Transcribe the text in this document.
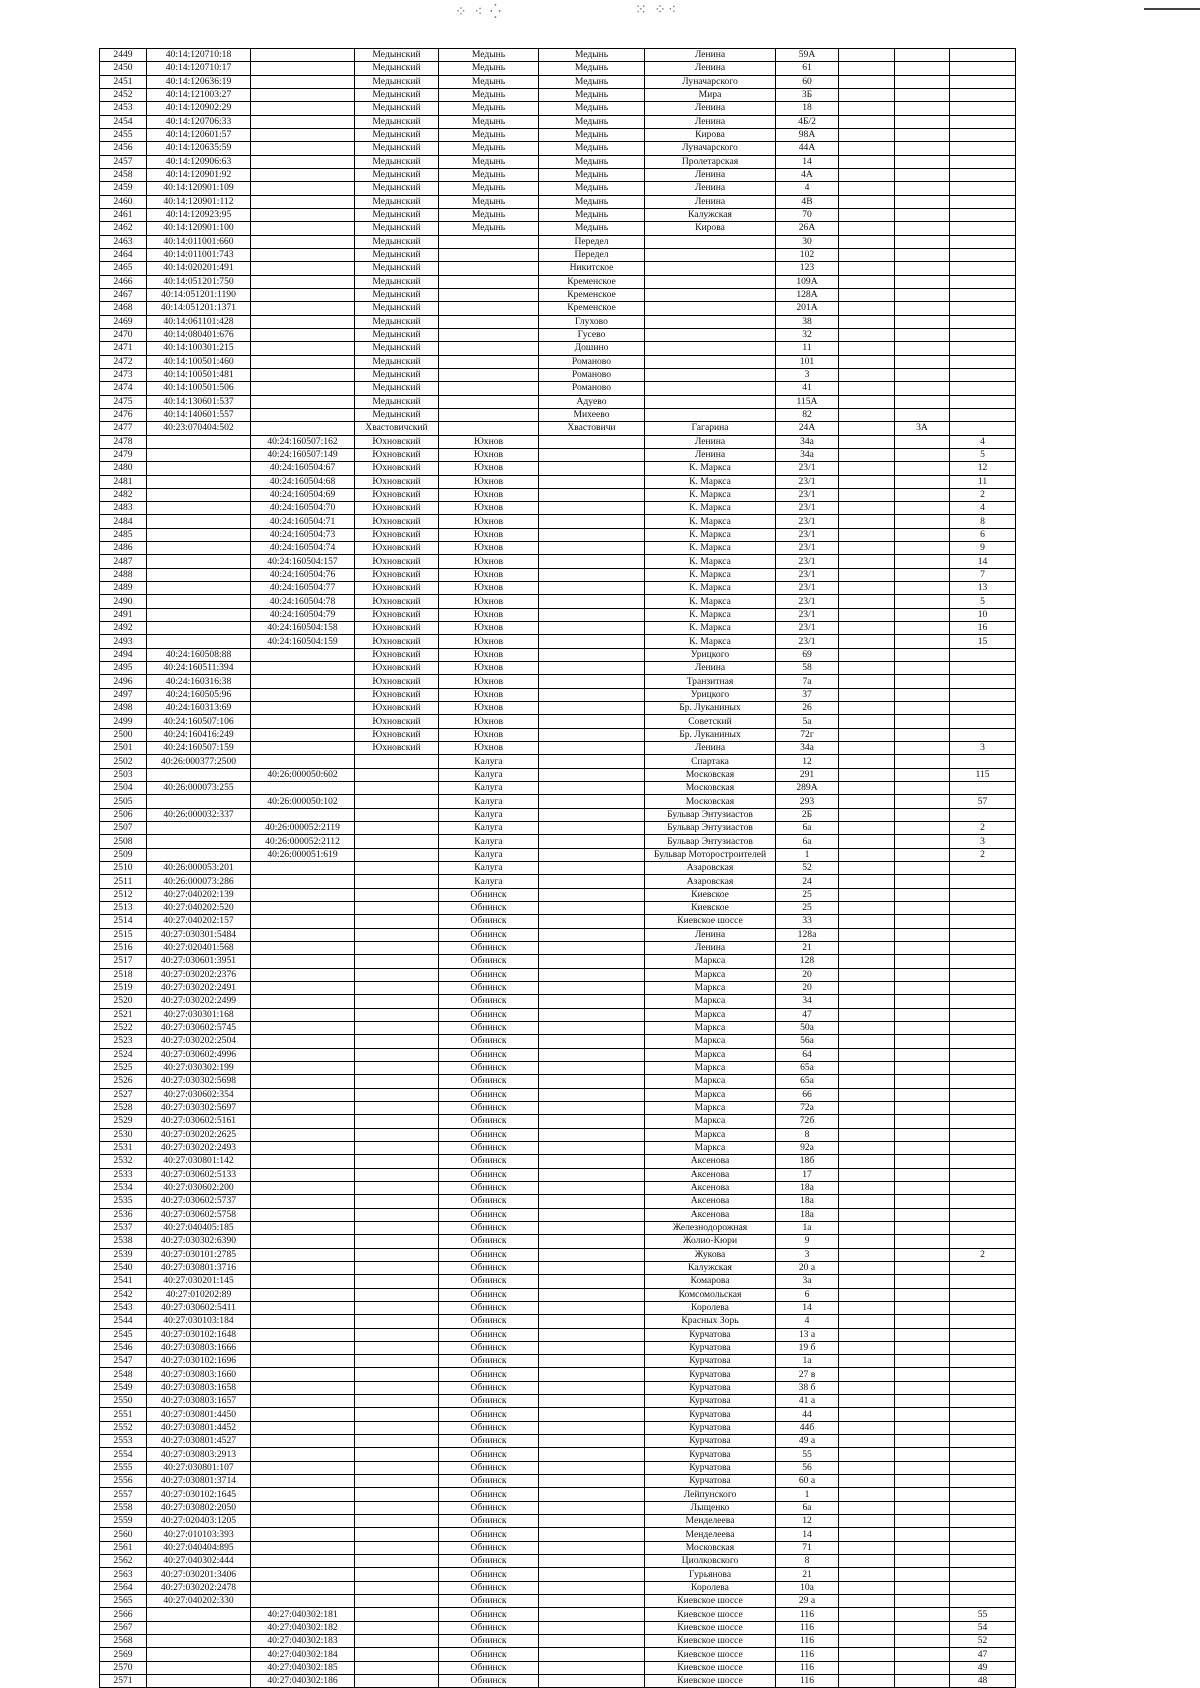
⁘ ⁖ ⁛	⁙ ⁘⁖
2449	40:14:120710:18		Медынский	Медынь	Медынь	Ленина	59А			
2450	40:14:120710:17		Медынский	Медынь	Медынь	Ленина	61			
2451	40:14:120636:19		Медынский	Медынь	Медынь	Луначарского	60			
2452	40:14:121003:27		Медынский	Медынь	Медынь	Мира	3Б			
2453	40:14:120902:29		Медынский	Медынь	Медынь	Ленина	18			
2454	40:14:120706:33		Медынский	Медынь	Медынь	Ленина	4Б/2			
2455	40:14:120601:57		Медынский	Медынь	Медынь	Кирова	98А			
2456	40:14:120635:59		Медынский	Медынь	Медынь	Луначарского	44А			
2457	40:14:120906:63		Медынский	Медынь	Медынь	Пролетарская	14			
2458	40:14:120901:92		Медынский	Медынь	Медынь	Ленина	4А			
2459	40:14:120901:109		Медынский	Медынь	Медынь	Ленина	4			
2460	40:14:120901:112		Медынский	Медынь	Медынь	Ленина	4В			
2461	40:14:120923:95		Медынский	Медынь	Медынь	Калужская	70			
2462	40:14:120901:100		Медынский	Медынь	Медынь	Кирова	26А			
2463	40:14:011001:660		Медынский		Передел		30			
2464	40:14:011001:743		Медынский		Передел		102			
2465	40:14:020201:491		Медынский		Никитское		123			
2466	40:14:051201:750		Медынский		Кременское		109А			
2467	40:14:051201:1190		Медынский		Кременское		128А			
2468	40:14:051201:1371		Медынский		Кременское		201А			
2469	40:14:061101:428		Медынский		Глухово		38			
2470	40:14:080401:676		Медынский		Гусево		32			
2471	40:14:100301:215		Медынский		Дошино		11			
2472	40:14:100501:460		Медынский		Романово		101			
2473	40:14:100501:481		Медынский		Романово		3			
2474	40:14:100501:506		Медынский		Романово		41			
2475	40:14:130601:537		Медынский		Адуево		115А			
2476	40:14:140601:557		Медынский		Михеево		82			
2477	40:23:070404:502		Хвастовичский		Хвастовичи	Гагарина	24А		3А	
2478		40:24:160507:162	Юхновский	Юхнов		Ленина	34а			4
2479		40:24:160507:149	Юхновский	Юхнов		Ленина	34а			5
2480		40:24:160504:67	Юхновский	Юхнов		К. Маркса	23/1			12
2481		40:24:160504:68	Юхновский	Юхнов		К. Маркса	23/1			11
2482		40:24:160504:69	Юхновский	Юхнов		К. Маркса	23/1			2
2483		40:24:160504:70	Юхновский	Юхнов		К. Маркса	23/1			4
2484		40:24:160504:71	Юхновский	Юхнов		К. Маркса	23/1			8
2485		40:24:160504:73	Юхновский	Юхнов		К. Маркса	23/1			6
2486		40:24:160504:74	Юхновский	Юхнов		К. Маркса	23/1			9
2487		40:24:160504:157	Юхновский	Юхнов		К. Маркса	23/1			14
2488		40:24:160504:76	Юхновский	Юхнов		К. Маркса	23/1			7
2489		40:24:160504:77	Юхновский	Юхнов		К. Маркса	23/1			13
2490		40:24:160504:78	Юхновский	Юхнов		К. Маркса	23/1			5
2491		40:24:160504:79	Юхновский	Юхнов		К. Маркса	23/1			10
2492		40:24:160504:158	Юхновский	Юхнов		К. Маркса	23/1			16
2493		40:24:160504:159	Юхновский	Юхнов		К. Маркса	23/1			15
2494	40:24:160508:88		Юхновский	Юхнов		Урицкого	69			
2495	40:24:160511:394		Юхновский	Юхнов		Ленина	58			
2496	40:24:160316:38		Юхновский	Юхнов		Транзитная	7а			
2497	40:24:160505:96		Юхновский	Юхнов		Урицкого	37			
2498	40:24:160313:69		Юхновский	Юхнов		Бр. Луканиных	26			
2499	40:24:160507:106		Юхновский	Юхнов		Советский	5а			
2500	40:24:160416:249		Юхновский	Юхнов		Бр. Луканиных	72г			
2501	40:24:160507:159		Юхновский	Юхнов		Ленина	34а			3
2502	40:26:000377:2500			Калуга		Спартака	12			
2503		40:26:000050:602		Калуга		Московская	291			115
2504	40:26:000073:255			Калуга		Московская	289А			
2505		40:26:000050:102		Калуга		Московская	293			57
2506	40:26:000032:337			Калуга		Бульвар Энтузиастов	2Б			
2507		40:26:000052:2119		Калуга		Бульвар Энтузиастов	6а			2
2508		40:26:000052:2112		Калуга		Бульвар Энтузиастов	6а			3
2509		40:26:000051:619		Калуга		Бульвар Моторостроителей	1			2
2510	40:26:000053:201			Калуга		Азаровская	52			
2511	40:26:000073:286			Калуга		Азаровская	24			
2512	40:27:040202:139			Обнинск		Киевское	25			
2513	40:27:040202:520			Обнинск		Киевское	25			
2514	40:27:040202:157			Обнинск		Киевское шоссе	33			
2515	40:27:030301:5484			Обнинск		Ленина	128а			
2516	40:27:020401:568			Обнинск		Ленина	21			
2517	40:27:030601:3951			Обнинск		Маркса	128			
2518	40:27:030202:2376			Обнинск		Маркса	20			
2519	40:27:030202:2491			Обнинск		Маркса	20			
2520	40:27:030202:2499			Обнинск		Маркса	34			
2521	40:27:030301:168			Обнинск		Маркса	47			
2522	40:27:030602:5745			Обнинск		Маркса	50а			
2523	40:27:030202:2504			Обнинск		Маркса	56а			
2524	40:27:030602:4996			Обнинск		Маркса	64			
2525	40:27:030302:199			Обнинск		Маркса	65а			
2526	40:27:030302:5698			Обнинск		Маркса	65а			
2527	40:27:030602:354			Обнинск		Маркса	66			
2528	40:27:030302:5697			Обнинск		Маркса	72а			
2529	40:27:030602:5161			Обнинск		Маркса	72б			
2530	40:27:030202:2625			Обнинск		Маркса	8			
2531	40:27:030202:2493			Обнинск		Маркса	92а			
2532	40:27:030801:142			Обнинск		Аксенова	18б			
2533	40:27:030602:5133			Обнинск		Аксенова	17			
2534	40:27:030602:200			Обнинск		Аксенова	18а			
2535	40:27:030602:5737			Обнинск		Аксенова	18а			
2536	40:27:030602:5758			Обнинск		Аксенова	18а			
2537	40:27:040405:185			Обнинск		Железнодорожная	1а			
2538	40:27:030302:6390			Обнинск		Жолио-Кюри	9			
2539	40:27:030101:2785			Обнинск		Жукова	3			2
2540	40:27:030801:3716			Обнинск		Калужская	20 а			
2541	40:27:030201:145			Обнинск		Комарова	3а			
2542	40:27:010202:89			Обнинск		Комсомольская	6			
2543	40:27:030602:5411			Обнинск		Королева	14			
2544	40:27:030103:184			Обнинск		Красных Зорь	4			
2545	40:27:030102:1648			Обнинск		Курчатова	13 а			
2546	40:27:030803:1666			Обнинск		Курчатова	19 б			
2547	40:27:030102:1696			Обнинск		Курчатова	1а			
2548	40:27:030803:1660			Обнинск		Курчатова	27 в			
2549	40:27:030803:1658			Обнинск		Курчатова	38 б			
2550	40:27:030803:1657			Обнинск		Курчатова	41 а			
2551	40:27:030801:4450			Обнинск		Курчатова	44			
2552	40:27:030801:4452			Обнинск		Курчатова	44б			
2553	40:27:030801:4527			Обнинск		Курчатова	49 а			
2554	40:27:030803:2913			Обнинск		Курчатова	55			
2555	40:27:030801:107			Обнинск		Курчатова	56			
2556	40:27:030801:3714			Обнинск		Курчатова	60 а			
2557	40:27:030102:1645			Обнинск		Лейпунского	1			
2558	40:27:030802:2050			Обнинск		Лыщенко	6а			
2559	40:27:020403:1205			Обнинск		Менделеева	12			
2560	40:27:010103:393			Обнинск		Менделеева	14			
2561	40:27:040404:895			Обнинск		Московская	71			
2562	40:27:040302:444			Обнинск		Циолковского	8			
2563	40:27:030201:3406			Обнинск		Гурьянова	21			
2564	40:27:030202:2478			Обнинск		Королева	10а			
2565	40:27:040202:330			Обнинск		Киевское шоссе	29 а			
2566		40:27:040302:181		Обнинск		Киевское шоссе	116			55
2567		40:27:040302:182		Обнинск		Киевское шоссе	116			54
2568		40:27:040302:183		Обнинск		Киевское шоссе	116			52
2569		40:27:040302:184		Обнинск		Киевское шоссе	116			47
2570		40:27:040302:185		Обнинск		Киевское шоссе	116			49
2571		40:27:040302:186		Обнинск		Киевское шоссе	116			48
